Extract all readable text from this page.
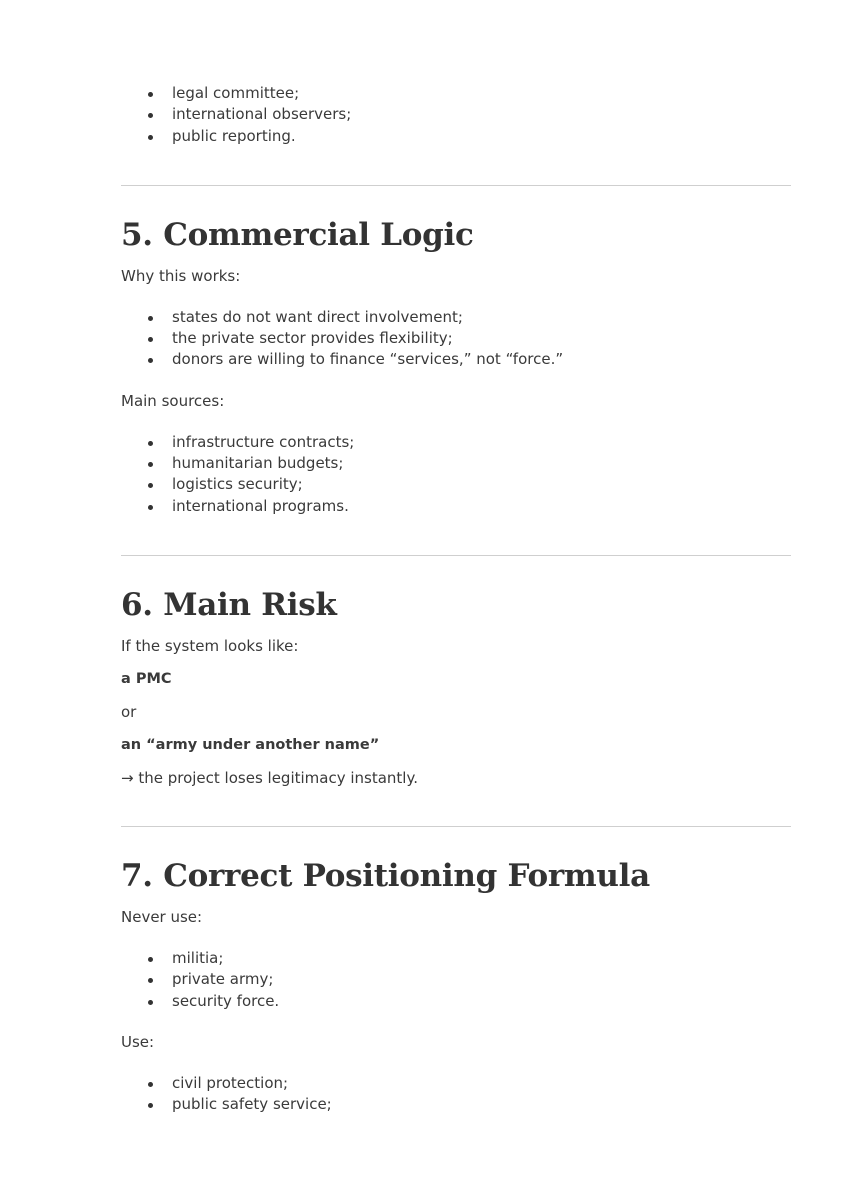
legal committee;
international observers;
public reporting.
5. Commercial Logic

Why this works:

states do not want direct involvement;
the private sector provides flexibility;
donors are willing to finance “services,” not “force.”

Main sources:

infrastructure contracts;
humanitarian budgets;
logistics security;
international programs.
6. Main Risk

If the system looks like:

a PMC

or

an “army under another name”

→ the project loses legitimacy instantly.

7. Correct Positioning Formula

Never use:

militia;
private army;
security force.

Use:

civil protection;
public safety service;
